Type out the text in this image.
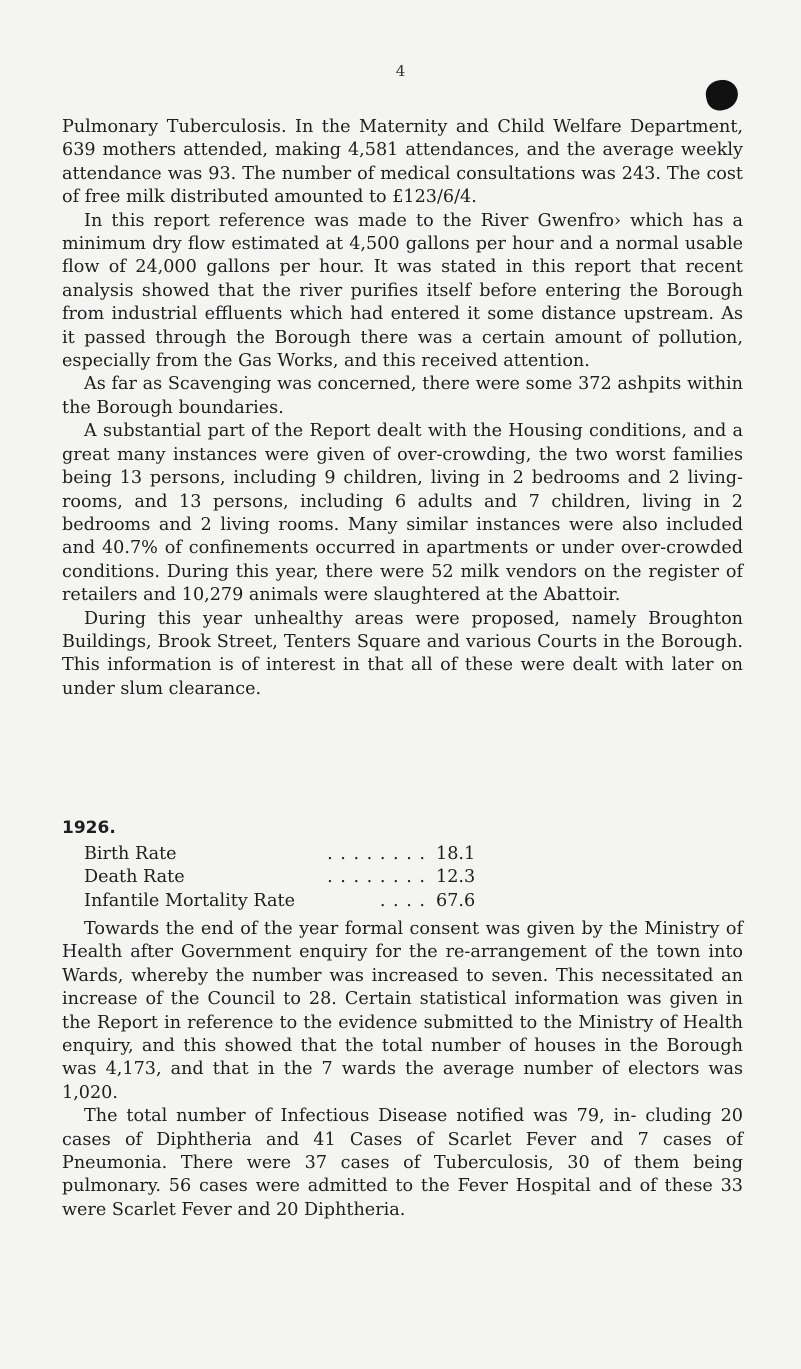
4

Pulmonary Tuberculosis. In the Maternity and Child Welfare Department, 639 mothers attended, making 4,581 attendances, and the average weekly attendance was 93. The number of medical consultations was 243. The cost of free milk distributed amounted to £123/6/4.

In this report reference was made to the River Gwenfro› which has a minimum dry flow estimated at 4,500 gallons per hour and a normal usable flow of 24,000 gallons per hour. It was stated in this report that recent analysis showed that the river purifies itself before entering the Borough from industrial effluents which had entered it some distance upstream. As it passed through the Borough there was a certain amount of pollution, especially from the Gas Works, and this received attention.

As far as Scavenging was concerned, there were some 372 ashpits within the Borough boundaries.

A substantial part of the Report dealt with the Housing conditions, and a great many instances were given of over-crowding, the two worst families being 13 persons, including 9 children, living in 2 bedrooms and 2 living-rooms, and 13 persons, including 6 adults and 7 children, living in 2 bedrooms and 2 living rooms. Many similar instances were also included and 40.7% of confinements occurred in apartments or under over-crowded conditions. During this year, there were 52 milk vendors on the register of retailers and 10,279 animals were slaughtered at the Abattoir.

During this year unhealthy areas were proposed, namely Broughton Buildings, Brook Street, Tenters Square and various Courts in the Borough. This information is of interest in that all of these were dealt with later on under slum clearance.

1926.
Birth Rate	. . . . . . . .	18.1
Death Rate	. . . . . . . .	12.3
Infantile Mortality Rate	. . . .	67.6

Towards the end of the year formal consent was given by the Ministry of Health after Government enquiry for the re-arrangement of the town into Wards, whereby the number was increased to seven. This necessitated an increase of the Council to 28. Certain statistical information was given in the Report in reference to the evidence submitted to the Ministry of Health enquiry, and this showed that the total number of houses in the Borough was 4,173, and that in the 7 wards the average number of electors was 1,020.

The total number of Infectious Disease notified was 79, in- cluding 20 cases of Diphtheria and 41 Cases of Scarlet Fever and 7 cases of Pneumonia. There were 37 cases of Tuberculosis, 30 of them being pulmonary. 56 cases were admitted to the Fever Hospital and of these 33 were Scarlet Fever and 20 Diphtheria.
